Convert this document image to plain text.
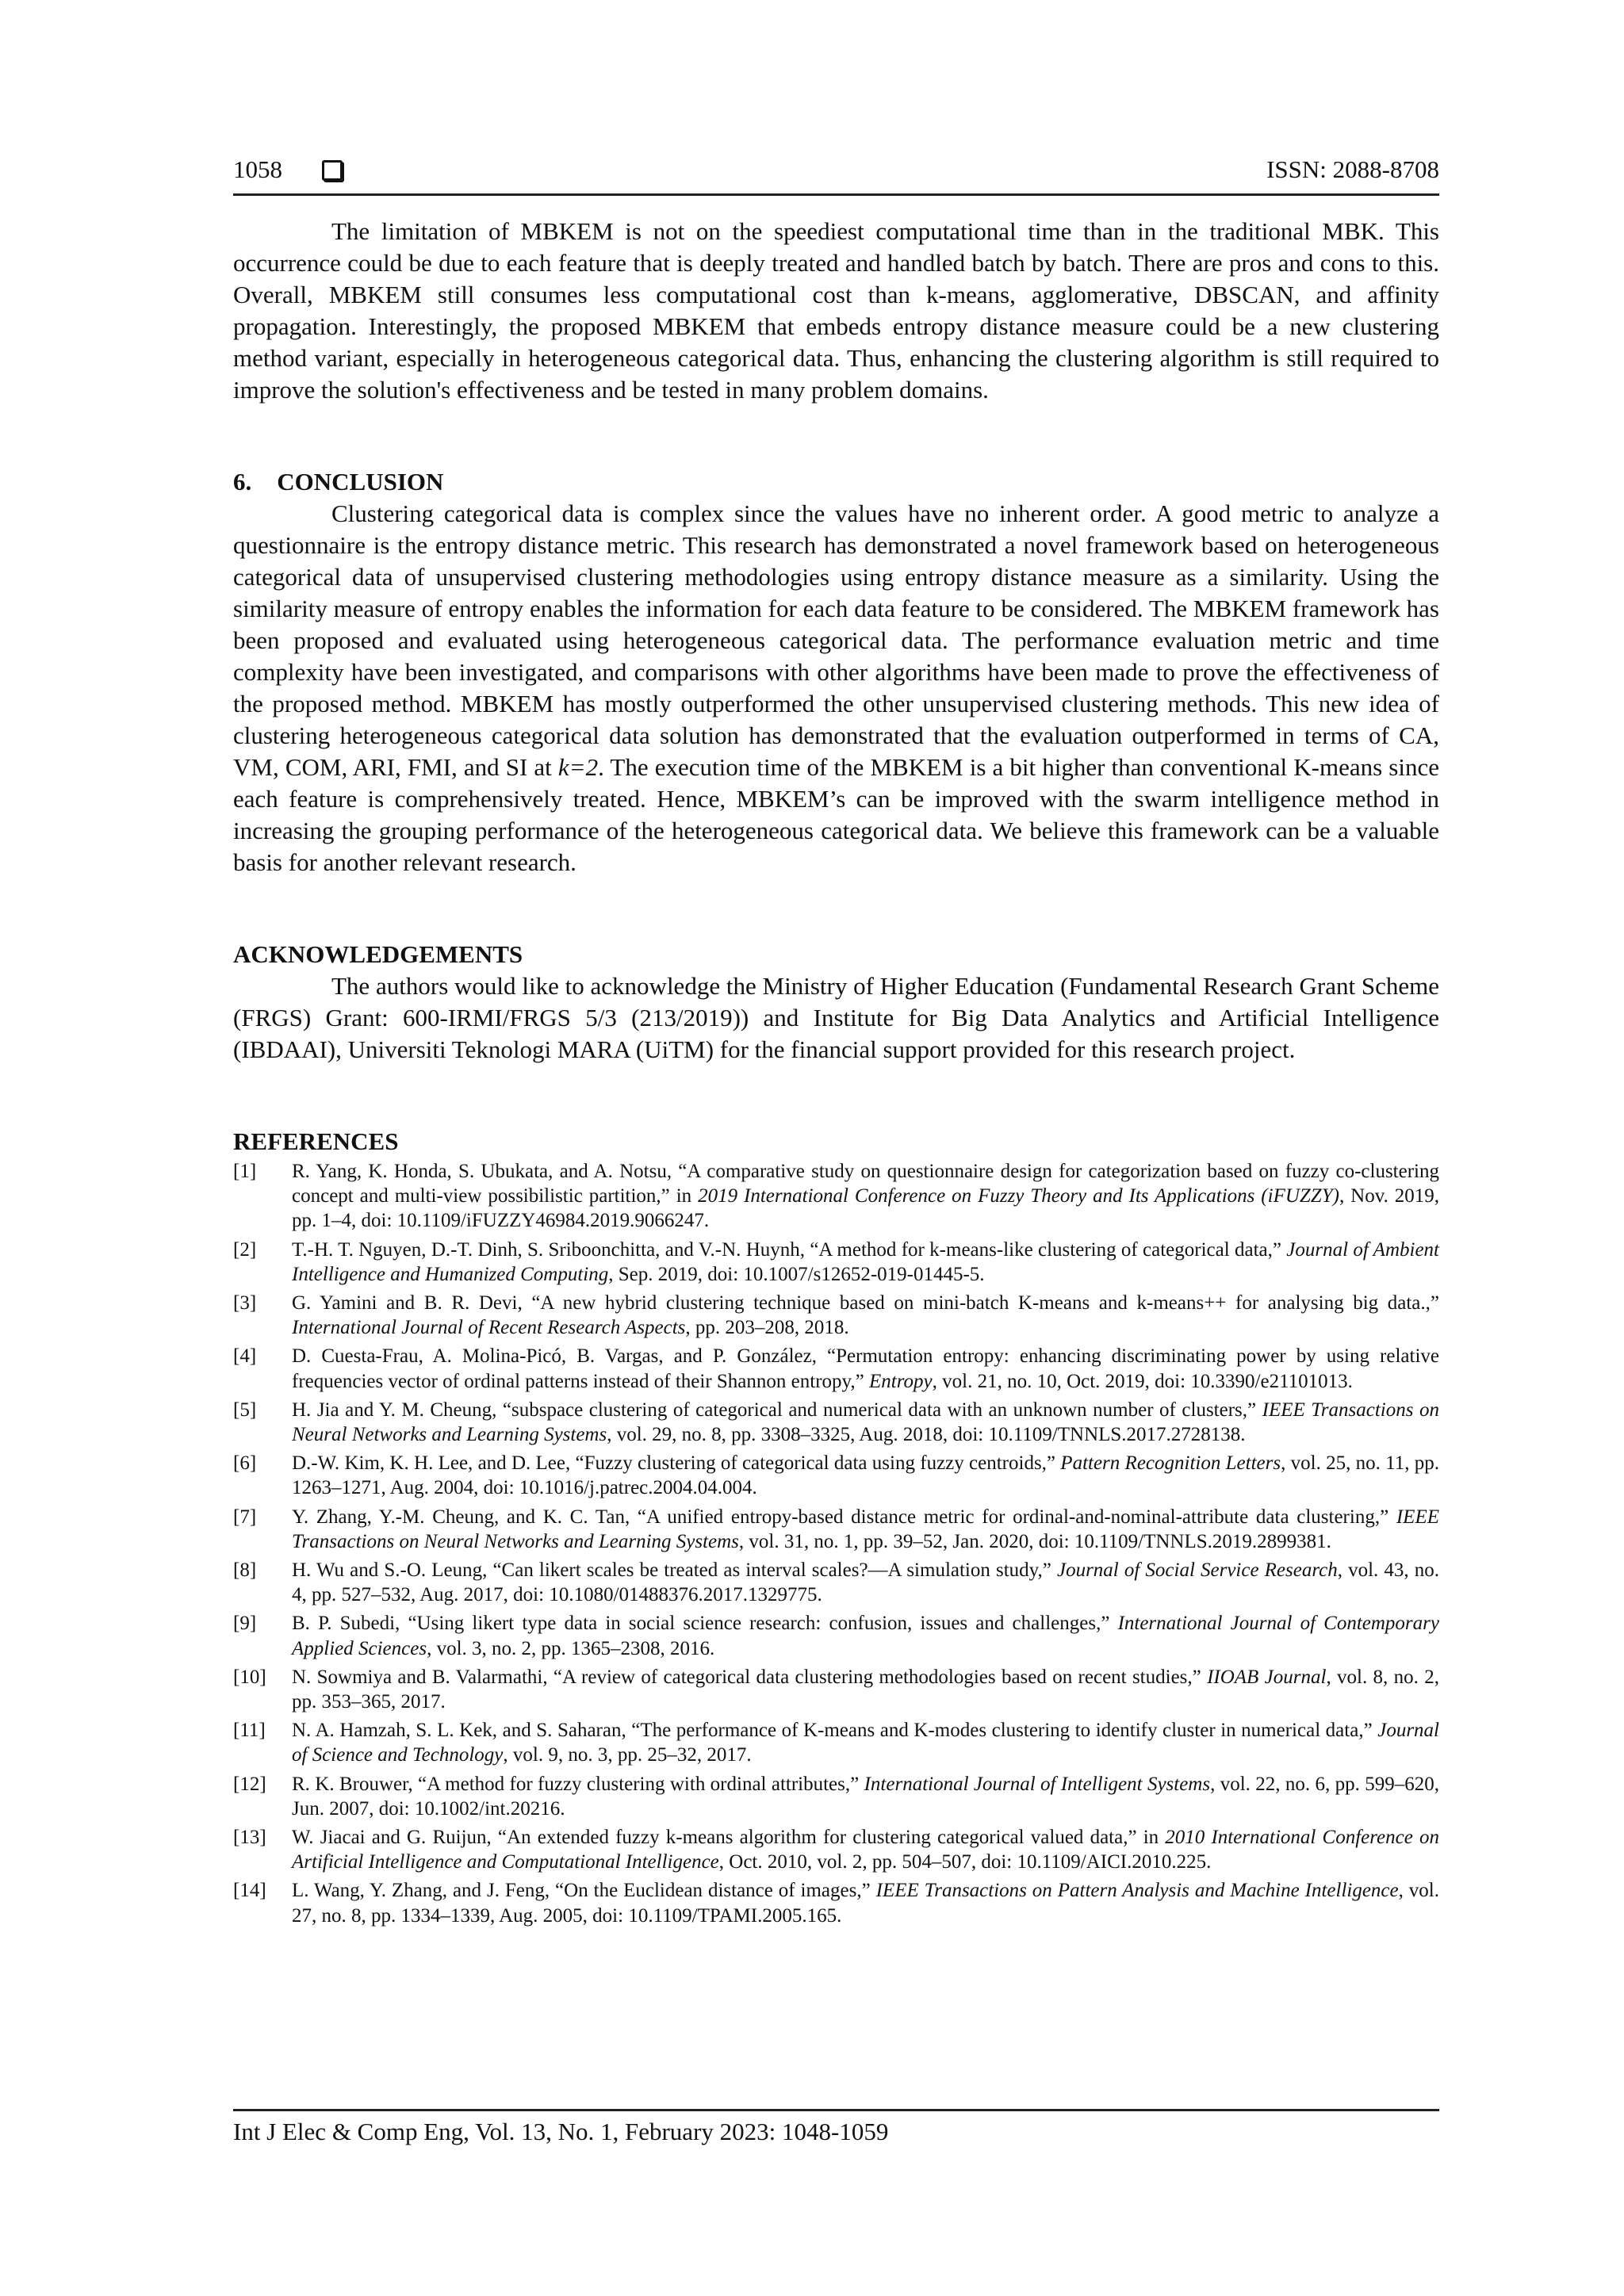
1058	ISSN: 2088-8708

The limitation of MBKEM is not on the speediest computational time than in the traditional MBK. This occurrence could be due to each feature that is deeply treated and handled batch by batch. There are pros and cons to this. Overall, MBKEM still consumes less computational cost than k-means, agglomerative, DBSCAN, and affinity propagation. Interestingly, the proposed MBKEM that embeds entropy distance measure could be a new clustering method variant, especially in heterogeneous categorical data. Thus, enhancing the clustering algorithm is still required to improve the solution's effectiveness and be tested in many problem domains.

6. CONCLUSION

Clustering categorical data is complex since the values have no inherent order. A good metric to analyze a questionnaire is the entropy distance metric. This research has demonstrated a novel framework based on heterogeneous categorical data of unsupervised clustering methodologies using entropy distance measure as a similarity. Using the similarity measure of entropy enables the information for each data feature to be considered. The MBKEM framework has been proposed and evaluated using heterogeneous categorical data. The performance evaluation metric and time complexity have been investigated, and comparisons with other algorithms have been made to prove the effectiveness of the proposed method. MBKEM has mostly outperformed the other unsupervised clustering methods. This new idea of clustering heterogeneous categorical data solution has demonstrated that the evaluation outperformed in terms of CA, VM, COM, ARI, FMI, and SI at k=2. The execution time of the MBKEM is a bit higher than conventional K-means since each feature is comprehensively treated. Hence, MBKEM’s can be improved with the swarm intelligence method in increasing the grouping performance of the heterogeneous categorical data. We believe this framework can be a valuable basis for another relevant research.

ACKNOWLEDGEMENTS

The authors would like to acknowledge the Ministry of Higher Education (Fundamental Research Grant Scheme (FRGS) Grant: 600-IRMI/FRGS 5/3 (213/2019)) and Institute for Big Data Analytics and Artificial Intelligence (IBDAAI), Universiti Teknologi MARA (UiTM) for the financial support provided for this research project.

REFERENCES

[1] R. Yang, K. Honda, S. Ubukata, and A. Notsu, “A comparative study on questionnaire design for categorization based on fuzzy co-clustering concept and multi-view possibilistic partition,” in 2019 International Conference on Fuzzy Theory and Its Applications (iFUZZY), Nov. 2019, pp. 1–4, doi: 10.1109/iFUZZY46984.2019.9066247.
[2] T.-H. T. Nguyen, D.-T. Dinh, S. Sriboonchitta, and V.-N. Huynh, “A method for k-means-like clustering of categorical data,” Journal of Ambient Intelligence and Humanized Computing, Sep. 2019, doi: 10.1007/s12652-019-01445-5.
[3] G. Yamini and B. R. Devi, “A new hybrid clustering technique based on mini-batch K-means and k-means++ for analysing big data.,” International Journal of Recent Research Aspects, pp. 203–208, 2018.
[4] D. Cuesta-Frau, A. Molina-Picó, B. Vargas, and P. González, “Permutation entropy: enhancing discriminating power by using relative frequencies vector of ordinal patterns instead of their Shannon entropy,” Entropy, vol. 21, no. 10, Oct. 2019, doi: 10.3390/e21101013.
[5] H. Jia and Y. M. Cheung, “subspace clustering of categorical and numerical data with an unknown number of clusters,” IEEE Transactions on Neural Networks and Learning Systems, vol. 29, no. 8, pp. 3308–3325, Aug. 2018, doi: 10.1109/TNNLS.2017.2728138.
[6] D.-W. Kim, K. H. Lee, and D. Lee, “Fuzzy clustering of categorical data using fuzzy centroids,” Pattern Recognition Letters, vol. 25, no. 11, pp. 1263–1271, Aug. 2004, doi: 10.1016/j.patrec.2004.04.004.
[7] Y. Zhang, Y.-M. Cheung, and K. C. Tan, “A unified entropy-based distance metric for ordinal-and-nominal-attribute data clustering,” IEEE Transactions on Neural Networks and Learning Systems, vol. 31, no. 1, pp. 39–52, Jan. 2020, doi: 10.1109/TNNLS.2019.2899381.
[8] H. Wu and S.-O. Leung, “Can likert scales be treated as interval scales?—A simulation study,” Journal of Social Service Research, vol. 43, no. 4, pp. 527–532, Aug. 2017, doi: 10.1080/01488376.2017.1329775.
[9] B. P. Subedi, “Using likert type data in social science research: confusion, issues and challenges,” International Journal of Contemporary Applied Sciences, vol. 3, no. 2, pp. 1365–2308, 2016.
[10] N. Sowmiya and B. Valarmathi, “A review of categorical data clustering methodologies based on recent studies,” IIOAB Journal, vol. 8, no. 2, pp. 353–365, 2017.
[11] N. A. Hamzah, S. L. Kek, and S. Saharan, “The performance of K-means and K-modes clustering to identify cluster in numerical data,” Journal of Science and Technology, vol. 9, no. 3, pp. 25–32, 2017.
[12] R. K. Brouwer, “A method for fuzzy clustering with ordinal attributes,” International Journal of Intelligent Systems, vol. 22, no. 6, pp. 599–620, Jun. 2007, doi: 10.1002/int.20216.
[13] W. Jiacai and G. Ruijun, “An extended fuzzy k-means algorithm for clustering categorical valued data,” in 2010 International Conference on Artificial Intelligence and Computational Intelligence, Oct. 2010, vol. 2, pp. 504–507, doi: 10.1109/AICI.2010.225.
[14] L. Wang, Y. Zhang, and J. Feng, “On the Euclidean distance of images,” IEEE Transactions on Pattern Analysis and Machine Intelligence, vol. 27, no. 8, pp. 1334–1339, Aug. 2005, doi: 10.1109/TPAMI.2005.165.
Int J Elec & Comp Eng, Vol. 13, No. 1, February 2023: 1048-1059
